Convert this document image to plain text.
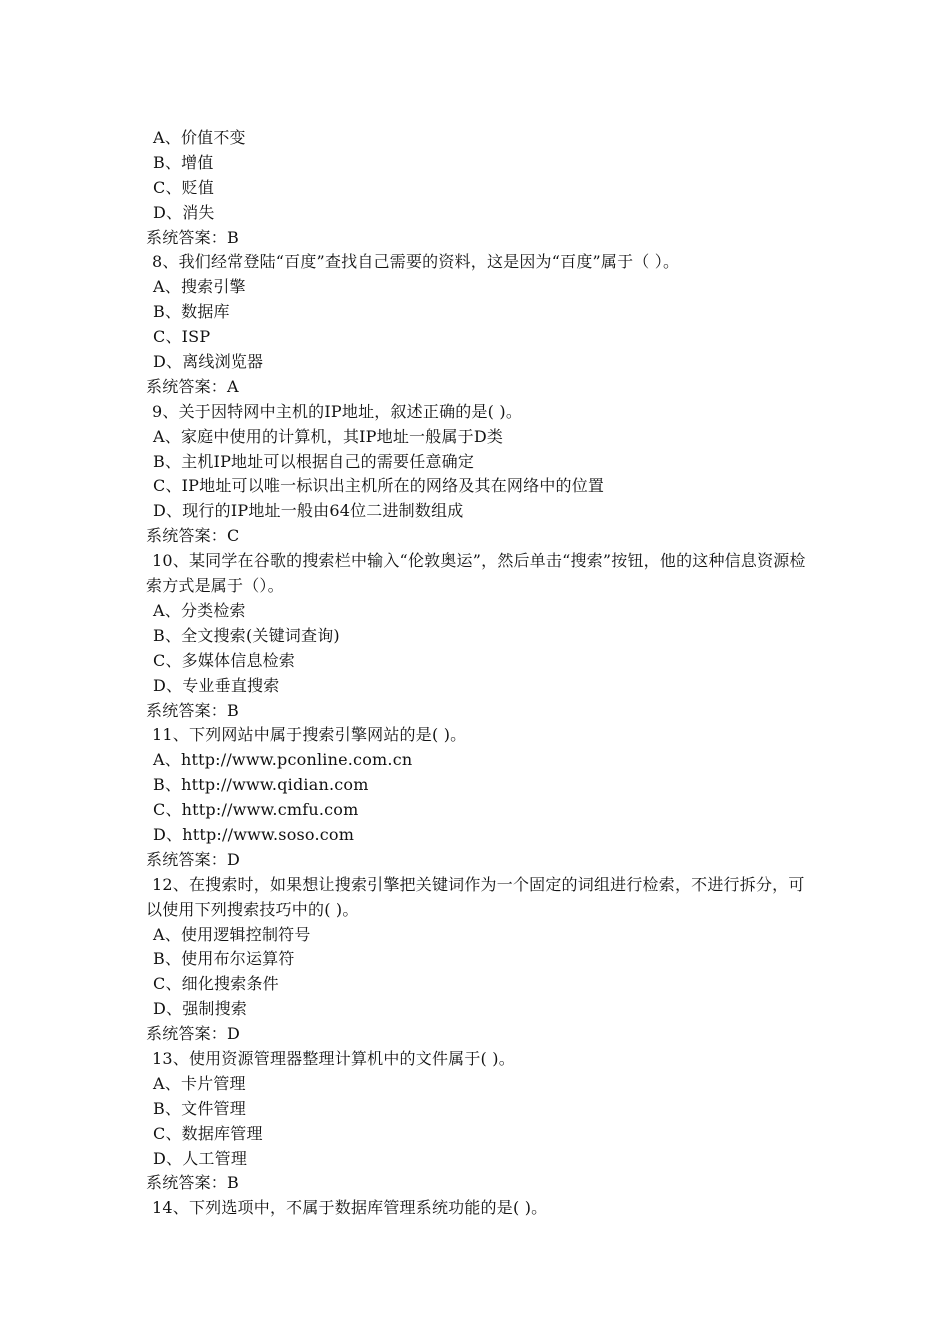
A、价值不变
B、增值
C、贬值
D、消失
系统答案：B
8、我们经常登陆“百度”查找自己需要的资料，这是因为“百度”属于（ ）。
A、搜索引擎
B、数据库
C、ISP
D、离线浏览器
系统答案：A
9、关于因特网中主机的IP地址，叙述正确的是( )。
A、家庭中使用的计算机，其IP地址一般属于D类
B、主机IP地址可以根据自己的需要任意确定
C、IP地址可以唯一标识出主机所在的网络及其在网络中的位置
D、现行的IP地址一般由64位二进制数组成
系统答案：C
10、某同学在谷歌的搜索栏中输入“伦敦奥运”，然后单击“搜索”按钮，他的这种信息资源检索方式是属于（）。
A、分类检索
B、全文搜索(关键词查询)
C、多媒体信息检索
D、专业垂直搜索
系统答案：B
11、下列网站中属于搜索引擎网站的是( )。
A、http://www.pconline.com.cn
B、http://www.qidian.com
C、http://www.cmfu.com
D、http://www.soso.com
系统答案：D
12、在搜索时，如果想让搜索引擎把关键词作为一个固定的词组进行检索，不进行拆分，可以使用下列搜索技巧中的( )。
A、使用逻辑控制符号
B、使用布尔运算符
C、细化搜索条件
D、强制搜索
系统答案：D
13、使用资源管理器整理计算机中的文件属于( )。
A、卡片管理
B、文件管理
C、数据库管理
D、人工管理
系统答案：B
14、下列选项中，不属于数据库管理系统功能的是( )。
